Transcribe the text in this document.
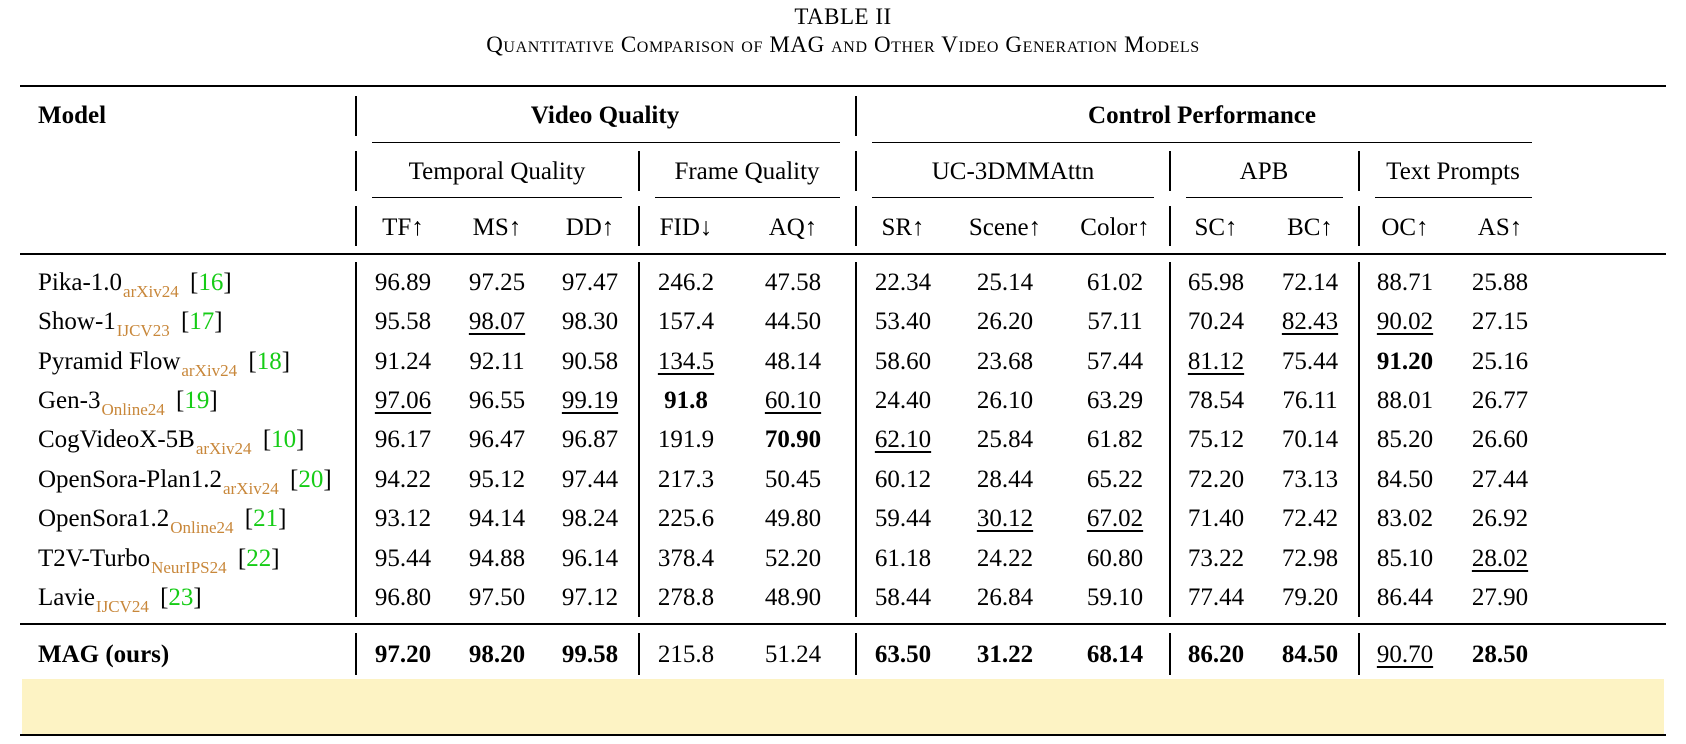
TABLE II
Quantitative Comparison of MAG and Other Video Generation Models
Model	Video Quality	Control Performance
Temporal Quality	Frame Quality	UC-3DMMAttn	APB	Text Prompts
TF↑ MS↑ DD↑ FID↓ AQ↑	SR↑ Scene↑ Color↑ SC↑ BC↑ OC↑ AS↑
Pika-$1.0_{arXiv24}$  [16]	96.89 97.25 97.47 246.2 47.58 22.34 25.14 61.02 65.98 72.14 88.71 25.88
Show-$1_{IJCV23}$  [17]	95.58 98.07 98.30 157.4 44.50 53.40 26.20 57.11 70.24 82.43 90.02 27.15
Pyramid Flow$_{arXiv24}$  [18]	91.24 92.11 90.58 134.5 48.14 58.60 23.68 57.44 81.12 75.44 91.20 25.16
Gen-$3_{Online24}$  [19]	97.06 96.55 99.19 91.8 60.10 24.40 26.10 63.29 78.54 76.11 88.01 26.77
CogVideoX-$5B_{arXiv24}$  [10]	96.17 96.47 96.87 191.9 70.90 62.10 25.84 61.82 75.12 70.14 85.20 26.60
OpenSora-$Plan1.2_{arXiv24}$  [20] 94.22 95.12 97.44 217.3 50.45 60.12 28.44 65.22 72.20 73.13 84.50 27.44
$OpenSora1.2_{Online24}$  [21]	93.12 94.14 98.24 225.6 49.80 59.44 30.12 67.02 71.40 72.42 83.02 26.92
T2V-Turbo$_{NeurIPS24}$  [22]	95.44 94.88 96.14 378.4 52.20 61.18 24.22 60.80 73.22 72.98 85.10 28.02
Lavie$_{IJCV24}$  [23]	96.80 97.50 97.12 278.8 48.90 58.44 26.84 59.10 77.44 79.20 86.44 27.90
MAG (ours)	97.20 98.20 99.58 215.8 51.24 63.50 31.22 68.14 86.20 84.50 90.70 28.50
